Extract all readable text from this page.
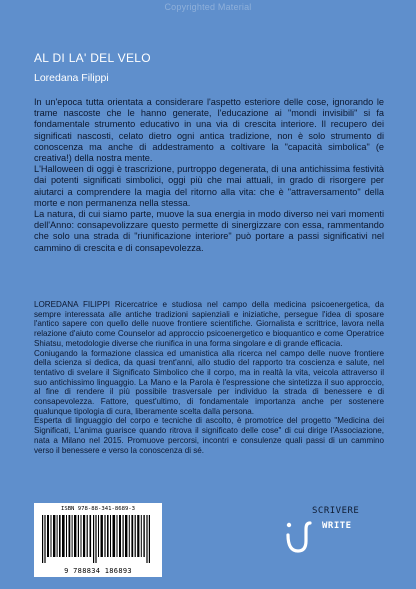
Copyrighted Material
AL DI LA' DEL VELO
Loredana Filippi

In un'epoca tutta orientata a considerare l'aspetto esteriore delle cose, ignorando le trame nascoste che le hanno generate, l'educazione ai "mondi invisibili" si fa fondamentale strumento educativo in una via di crescita interiore. Il recupero dei significati nascosti, celato dietro ogni antica tradizione, non è solo strumento di conoscenza ma anche di addestramento a coltivare la "capacità simbolica" (e creativa!) della nostra mente.

L'Halloween di oggi è trascrizione, purtroppo degenerata, di una antichissima festività dai potenti significati simbolici, oggi più che mai attuali, in grado di risorgere per aiutarci a comprendere la magia del ritorno alla vita: che è "attraversamento" della morte e non permanenza nella stessa.

La natura, di cui siamo parte, muove la sua energia in modo diverso nei vari momenti dell'Anno: consapevolizzare questo permette di sinergizzare con essa, rammentando che solo una strada di "riunificazione interiore" può portare a passi significativi nel cammino di crescita e di consapevolezza.

LOREDANA FILIPPI Ricercatrice e studiosa nel campo della medicina psicoenergetica, da sempre interessata alle antiche tradizioni sapienziali e iniziatiche, persegue l'idea di sposare l'antico sapere con quello delle nuove frontiere scientifiche. Giornalista e scrittrice, lavora nella relazione d'aiuto come Counselor ad approccio psicoenergetico e bioquantico e come Operatrice Shiatsu, metodologie diverse che riunifica in una forma singolare e di grande efficacia.

Coniugando la formazione classica ed umanistica alla ricerca nel campo delle nuove frontiere della scienza si dedica, da quasi trent'anni, allo studio del rapporto tra coscienza e salute, nel tentativo di svelare il Significato Simbolico che il corpo, ma in realtà la vita, veicola attraverso il suo antichissimo linguaggio. La Mano e la Parola è l'espressione che sintetizza il suo approccio, al fine di rendere il più possibile trasversale per individuo la strada di benessere e di consapevolezza. Fattore, quest'ultimo, di fondamentale importanza anche per sostenere qualunque tipologia di cura, liberamente scelta dalla persona.

Esperta di linguaggio del corpo e tecniche di ascolto, è promotrice del progetto "Medicina dei Significati, L'anima guarisce quando ritrova il significato delle cose" di cui dirige l'Associazione, nata a Milano nel 2015. Promuove percorsi, incontri e consulenze quali passi di un cammino verso il benessere e verso la conoscenza di sé.

ISBN 978-88-341-8689-3
9 788834 186893
SCRIVERE
WRITE
